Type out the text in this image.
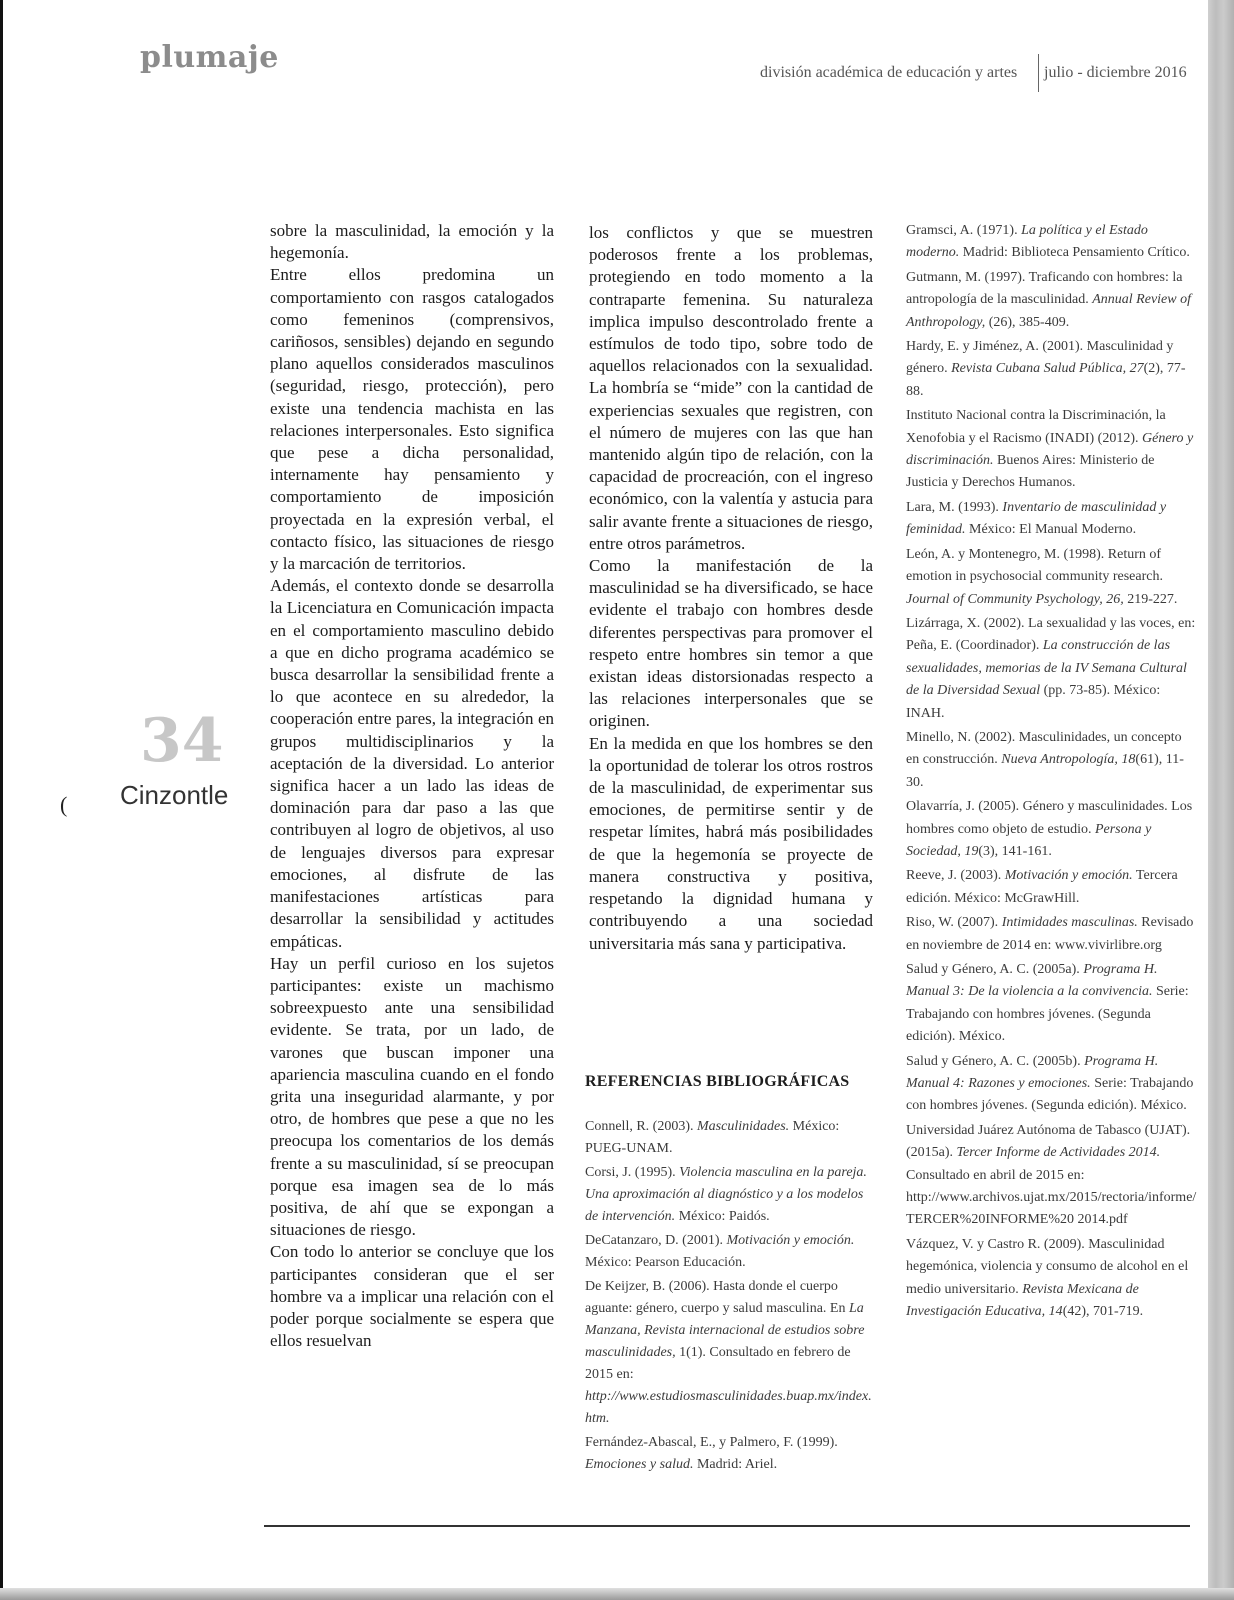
plumaje	división académica de educación y artes julio - diciembre 2016
34
Cinzontle
(

sobre la masculinidad, la emoción y la hegemonía.

Entre ellos predomina un comportamiento con rasgos catalogados como femeninos (comprensivos, cariñosos, sensibles) dejando en segundo plano aquellos considerados masculinos (seguridad, riesgo, protección), pero existe una tendencia machista en las relaciones interpersonales. Esto significa que pese a dicha personalidad, internamente hay pensamiento y comportamiento de imposición proyectada en la expresión verbal, el contacto físico, las situaciones de riesgo y la marcación de territorios.

Además, el contexto donde se desarrolla la Licenciatura en Comunicación impacta en el comportamiento masculino debido a que en dicho programa académico se busca desarrollar la sensibilidad frente a lo que acontece en su alrededor, la cooperación entre pares, la integración en grupos multidisciplinarios y la aceptación de la diversidad. Lo anterior significa hacer a un lado las ideas de dominación para dar paso a las que contribuyen al logro de objetivos, al uso de lenguajes diversos para expresar emociones, al disfrute de las manifestaciones artísticas para desarrollar la sensibilidad y actitudes empáticas.

Hay un perfil curioso en los sujetos participantes: existe un machismo sobreexpuesto ante una sensibilidad evidente. Se trata, por un lado, de varones que buscan imponer una apariencia masculina cuando en el fondo grita una inseguridad alarmante, y por otro, de hombres que pese a que no les preocupa los comentarios de los demás frente a su masculinidad, sí se preocupan porque esa imagen sea de lo más positiva, de ahí que se expongan a situaciones de riesgo.

Con todo lo anterior se concluye que los participantes consideran que el ser hombre va a implicar una relación con el poder porque socialmente se espera que ellos resuelvan

los conflictos y que se muestren poderosos frente a los problemas, protegiendo en todo momento a la contraparte femenina. Su naturaleza implica impulso descontrolado frente a estímulos de todo tipo, sobre todo de aquellos relacionados con la sexualidad. La hombría se “mide” con la cantidad de experiencias sexuales que registren, con el número de mujeres con las que han mantenido algún tipo de relación, con la capacidad de procreación, con el ingreso económico, con la valentía y astucia para salir avante frente a situaciones de riesgo, entre otros parámetros.

Como la manifestación de la masculinidad se ha diversificado, se hace evidente el trabajo con hombres desde diferentes perspectivas para promover el respeto entre hombres sin temor a que existan ideas distorsionadas respecto a las relaciones interpersonales que se originen.

En la medida en que los hombres se den la oportunidad de tolerar los otros rostros de la masculinidad, de experimentar sus emociones, de permitirse sentir y de respetar límites, habrá más posibilidades de que la hegemonía se proyecte de manera constructiva y positiva, respetando la dignidad humana y contribuyendo a una sociedad universitaria más sana y participativa.

REFERENCIAS BIBLIOGRÁFICAS

Connell, R. (2003). Masculinidades. México: PUEG-UNAM.

Corsi, J. (1995). Violencia masculina en la pareja. Una aproximación al diagnóstico y a los modelos de intervención. México: Paidós.

DeCatanzaro, D. (2001). Motivación y emoción. México: Pearson Educación.

De Keijzer, B. (2006). Hasta donde el cuerpo aguante: género, cuerpo y salud masculina. En La Manzana, Revista internacional de estudios sobre masculinidades, 1(1). Consultado en febrero de 2015 en: http://www.estudiosmasculinidades.buap.mx/index.htm.

Fernández-Abascal, E., y Palmero, F. (1999). Emociones y salud. Madrid: Ariel.

Gramsci, A. (1971). La política y el Estado moderno. Madrid: Biblioteca Pensamiento Crítico.

Gutmann, M. (1997). Traficando con hombres: la antropología de la masculinidad. Annual Review of Anthropology, (26), 385-409.

Hardy, E. y Jiménez, A. (2001). Masculinidad y género. Revista Cubana Salud Pública, 27(2), 77-88.

Instituto Nacional contra la Discriminación, la Xenofobia y el Racismo (INADI) (2012). Género y discriminación. Buenos Aires: Ministerio de Justicia y Derechos Humanos.

Lara, M. (1993). Inventario de masculinidad y feminidad. México: El Manual Moderno.

León, A. y Montenegro, M. (1998). Return of emotion in psychosocial community research. Journal of Community Psychology, 26, 219-227.

Lizárraga, X. (2002). La sexualidad y las voces, en: Peña, E. (Coordinador). La construcción de las sexualidades, memorias de la IV Semana Cultural de la Diversidad Sexual (pp. 73-85). México: INAH.

Minello, N. (2002). Masculinidades, un concepto en construcción. Nueva Antropología, 18(61), 11-30.

Olavarría, J. (2005). Género y masculinidades. Los hombres como objeto de estudio. Persona y Sociedad, 19(3), 141-161.

Reeve, J. (2003). Motivación y emoción. Tercera edición. México: McGrawHill.

Riso, W. (2007). Intimidades masculinas. Revisado en noviembre de 2014 en: www.vivirlibre.org

Salud y Género, A. C. (2005a). Programa H. Manual 3: De la violencia a la convivencia. Serie: Trabajando con hombres jóvenes. (Segunda edición). México.

Salud y Género, A. C. (2005b). Programa H. Manual 4: Razones y emociones. Serie: Trabajando con hombres jóvenes. (Segunda edición). México.

Universidad Juárez Autónoma de Tabasco (UJAT). (2015a). Tercer Informe de Actividades 2014. Consultado en abril de 2015 en: http://www.archivos.ujat.mx/2015/rectoria/informe/TERCER%20INFORME%20 2014.pdf

Vázquez, V. y Castro R. (2009). Masculinidad hegemónica, violencia y consumo de alcohol en el medio universitario. Revista Mexicana de Investigación Educativa, 14(42), 701-719.
